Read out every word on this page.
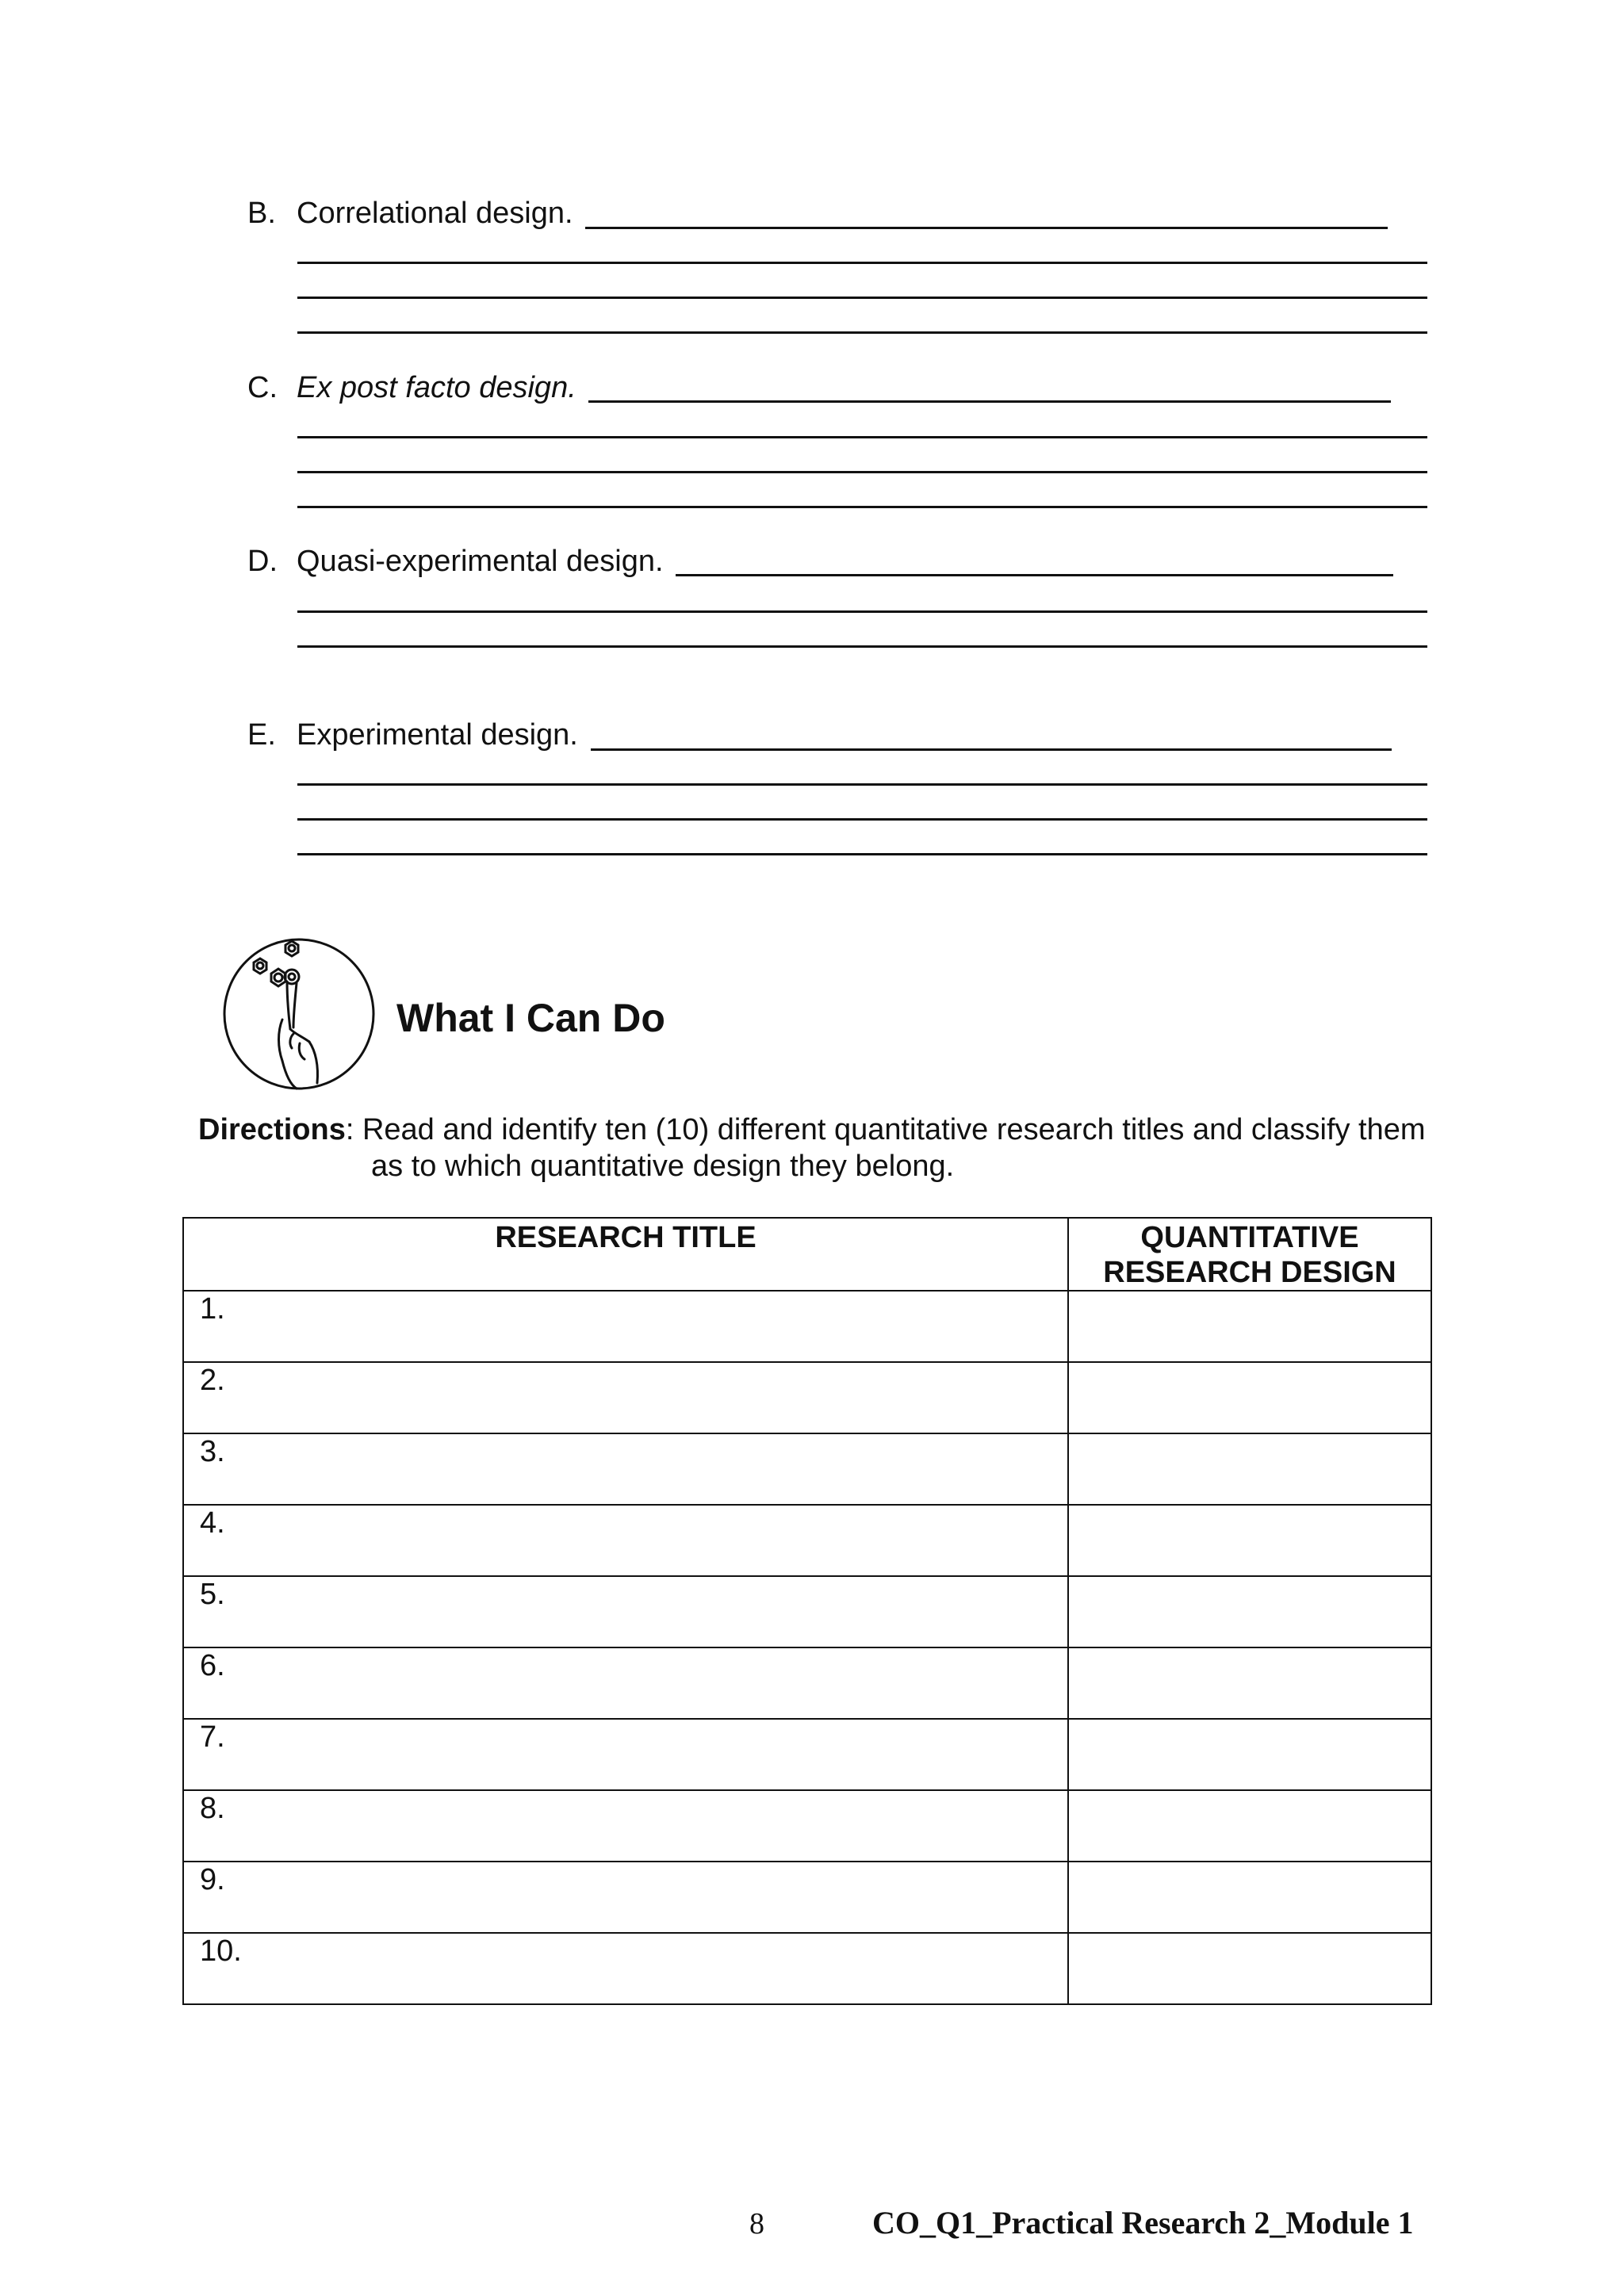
B. Correlational design.
C. Ex post facto design.
D. Quasi-experimental design.
E. Experimental design.
What I Can Do
Directions: Read and identify ten (10) different quantitative research titles and classify them
as to which quantitative design they belong.
RESEARCH TITLE	QUANTITATIVE RESEARCH DESIGN
1.	
2.	
3.	
4.	
5.	
6.	
7.	
8.	
9.	
10.	
8	CO_Q1_Practical Research 2_Module 1
